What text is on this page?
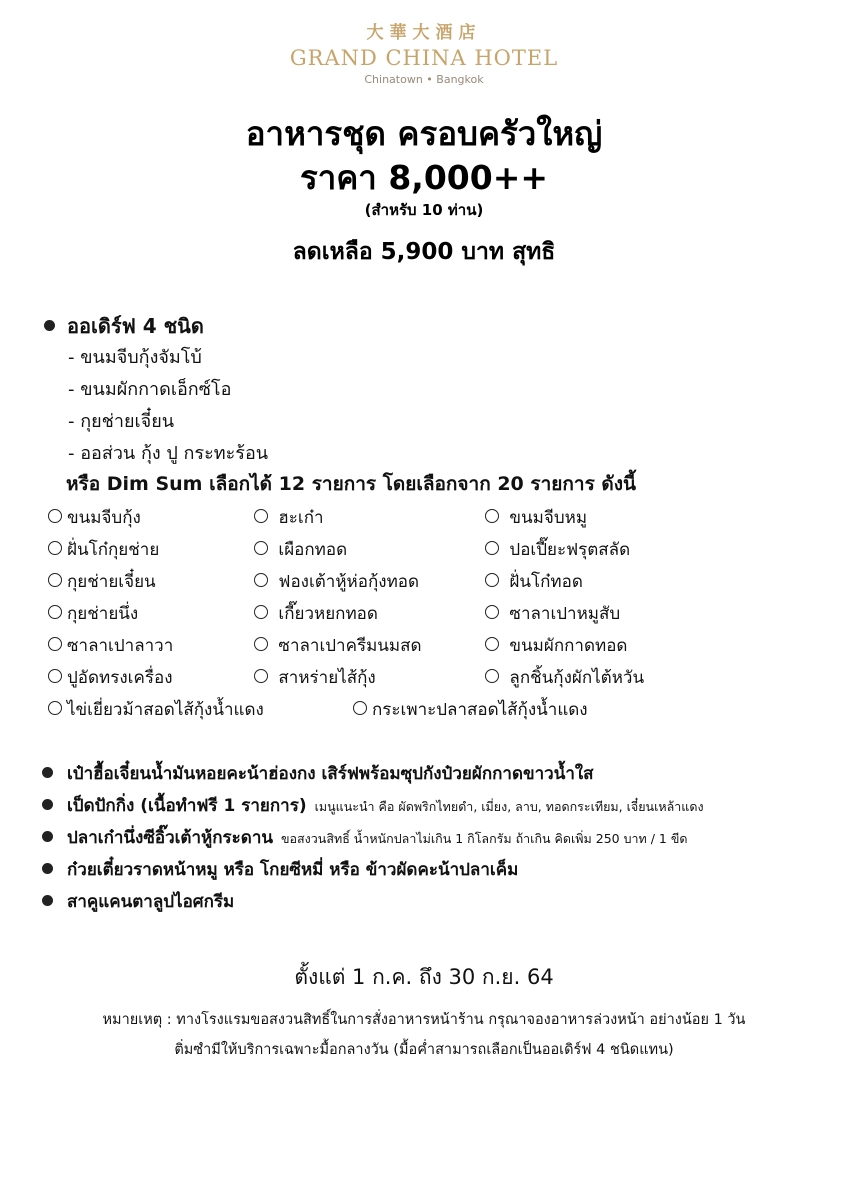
大華大酒店
GRAND CHINA HOTEL
Chinatown • Bangkok
อาหารชุด ครอบครัวใหญ่
ราคา 8,000++
(สำหรับ 10 ท่าน)
ลดเหลือ 5,900 บาท สุทธิ
ออเดิร์ฟ 4 ชนิด
- ขนมจีบกุ้งจัมโบ้
- ขนมผักกาดเอ็กซ์โอ
- กุยช่ายเจี๋ยน
- ออส่วน กุ้ง ปู กระทะร้อน
หรือ Dim Sum เลือกได้ 12 รายการ โดยเลือกจาก 20 รายการ ดังนี้
ขนมจีบกุ้ง	ฮะเก๋า	ขนมจีบหมู
ฝั่นโก๋กุยช่าย	เผือกทอด	ปอเปี๊ยะฟรุตสลัด
กุยช่ายเจี๋ยน	ฟองเต้าหู้ห่อกุ้งทอด	ฝั่นโก๋ทอด
กุยช่ายนึ่ง	เกี๊ยวหยกทอด	ซาลาเปาหมูสับ
ซาลาเปาลาวา	ซาลาเปาครีมนมสด	ขนมผักกาดทอด
ปูอัดทรงเครื่อง	สาหร่ายไส้กุ้ง	ลูกชิ้นกุ้งผักไต้หวัน
ไข่เยี่ยวม้าสอดไส้กุ้งน้ำแดง	กระเพาะปลาสอดไส้กุ้งน้ำแดง
เป๋าฮื้อเจี๋ยนน้ำมันหอยคะน้าฮ่องกง เสิร์ฟพร้อมซุปกังป๋วยผักกาดขาวน้ำใส
เป็ดปักกิ่ง (เนื้อทำฟรี 1 รายการ) เมนูแนะนำ คือ ผัดพริกไทยดำ, เมี่ยง, ลาบ, ทอดกระเทียม, เจี๋ยนเหล้าแดง
ปลาเก๋านึ่งซีอิ๊วเต้าหู้กระดาน ขอสงวนสิทธิ์ น้ำหนักปลาไม่เกิน 1 กิโลกรัม ถ้าเกิน คิดเพิ่ม 250 บาท / 1 ขีด
ก๋วยเตี๋ยวราดหน้าหมู หรือ โกยซีหมี่ หรือ ข้าวผัดคะน้าปลาเค็ม
สาคูแคนตาลูปไอศกรีม
ตั้งแต่ 1 ก.ค. ถึง 30 ก.ย. 64
หมายเหตุ : ทางโรงแรมขอสงวนสิทธิ์ในการสั่งอาหารหน้าร้าน กรุณาจองอาหารล่วงหน้า อย่างน้อย 1 วัน
ติ่มซำมีให้บริการเฉพาะมื้อกลางวัน (มื้อค่ำสามารถเลือกเป็นออเดิร์ฟ 4 ชนิดแทน)
